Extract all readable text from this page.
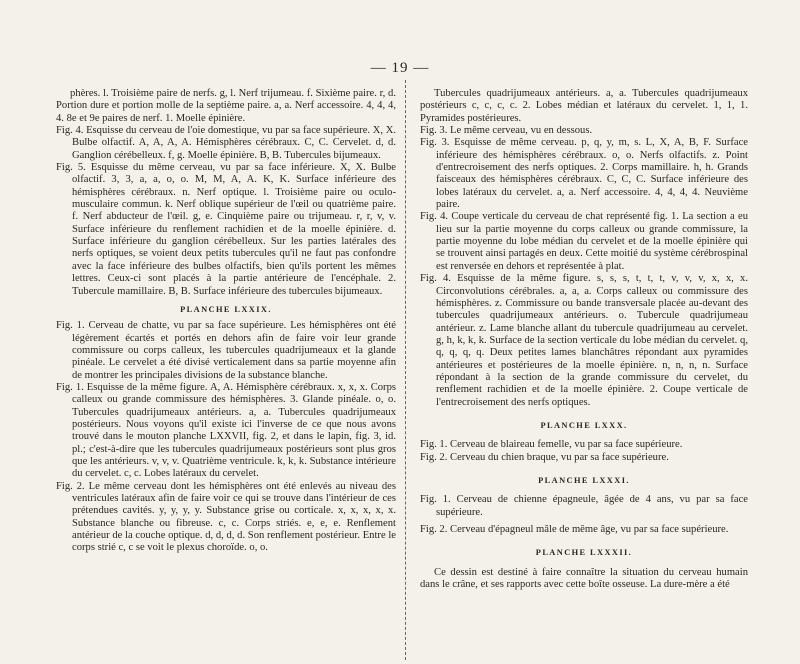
— 19 —

phères. l. Troisième paire de nerfs. g, l. Nerf trijumeau. f. Sixième paire. r, d. Portion dure et portion molle de la septième paire. a, a. Nerf accessoire. 4, 4, 4, 4. 8e et 9e paires de nerf. 1. Moelle épinière.

Fig. 4. Esquisse du cerveau de l'oie domestique, vu par sa face supérieure. X, X. Bulbe olfactif. A, A, A, A. Hémisphères cérébraux. C, C. Cervelet. d, d. Ganglion cérébelleux. f, g. Moelle épinière. B, B. Tubercules bijumeaux.

Fig. 5. Esquisse du même cerveau, vu par sa face inférieure. X, X. Bulbe olfactif. 3, 3, a, a, o, o. M, M, A, A. K, K. Surface inférieure des hémisphères cérébraux. n. Nerf optique. l. Troisième paire ou oculo-musculaire commun. k. Nerf oblique supérieur de l'œil ou quatrième paire. f. Nerf abducteur de l'œil. g, e. Cinquième paire ou trijumeau. r, r, v, v. Surface inférieure du renflement rachidien et de la moelle épinière. d. Surface inférieure du ganglion cérébelleux. Sur les parties latérales des nerfs optiques, se voient deux petits tubercules qu'il ne faut pas confondre avec la face inférieure des bulbes olfactifs, bien qu'ils portent les mêmes lettres. Ceux-ci sont placés à la partie antérieure de l'encéphale. 2. Tubercule mamillaire. B, B. Surface inférieure des tubercules bijumeaux.

PLANCHE LXXIX.

Fig. 1. Cerveau de chatte, vu par sa face supérieure. Les hémisphères ont été légèrement écartés et portés en dehors afin de faire voir leur grande commissure ou corps calleux, les tubercules quadrijumeaux et la glande pinéale. Le cervelet a été divisé verticalement dans sa partie moyenne afin de montrer les principales divisions de la substance blanche.

Fig. 1. Esquisse de la même figure. A, A. Hémisphère cérébraux. x, x, x. Corps calleux ou grande commissure des hémisphères. 3. Glande pinéale. o, o. Tubercules quadrijumeaux antérieurs. a, a. Tubercules quadrijumeaux postérieurs. Nous voyons qu'il existe ici l'inverse de ce que nous avons trouvé dans le mouton planche LXXVII, fig. 2, et dans le lapin, fig. 3, id. pl.; c'est-à-dire que les tubercules quadrijumeaux postérieurs sont plus gros que les antérieurs. v, v, v. Quatrième ventricule. k, k, k. Substance intérieure du cervelet. c, c. Lobes latéraux du cervelet.

Fig. 2. Le même cerveau dont les hémisphères ont été enlevés au niveau des ventricules latéraux afin de faire voir ce qui se trouve dans l'intérieur de ces prétendues cavités. y, y, y, y. Substance grise ou corticale. x, x, x, x, x. Substance blanche ou fibreuse. c, c. Corps striés. e, e, e. Renflement antérieur de la couche optique. d, d, d, d. Son renflement postérieur. Entre le corps strié c, c se voit le plexus choroïde. o, o.

Tubercules quadrijumeaux antérieurs. a, a. Tubercules quadrijumeaux postérieurs c, c, c, c. 2. Lobes médian et latéraux du cervelet. 1, 1, 1. Pyramides postérieures.

Fig. 3. Le même cerveau, vu en dessous.

Fig. 3. Esquisse de même cerveau. p, q, y, m, s. L, X, A, B, F. Surface inférieure des hémisphères cérébraux. o, o. Nerfs olfactifs. z. Point d'entrecroisement des nerfs optiques. 2. Corps mamillaire. h, h. Grands faisceaux des hémisphères cérébraux. C, C, C. Surface inférieure des lobes latéraux du cervelet. a, a. Nerf accessoire. 4, 4, 4, 4. Neuvième paire.

Fig. 4. Coupe verticale du cerveau de chat représenté fig. 1. La section a eu lieu sur la partie moyenne du corps calleux ou grande commissure, la partie moyenne du lobe médian du cervelet et de la moelle épinière qui se trouvent ainsi partagés en deux. Cette moitié du système cérébrospinal est renversée en dehors et représentée à plat.

Fig. 4. Esquisse de la même figure. s, s, s, t, t, t, v, v, v, x, x, x. Circonvolutions cérébrales. a, a, a. Corps calleux ou commissure des hémisphères. z. Commissure ou bande transversale placée au-devant des tubercules quadrijumeaux antérieurs. o. Tubercule quadrijumeau antérieur. z. Lame blanche allant du tubercule quadrijumeau au cervelet. g, h, k, k, k. Surface de la section verticale du lobe médian du cervelet. q, q, q, q, q. Deux petites lames blanchâtres répondant aux pyramides antérieures et postérieures de la moelle épinière. n, n, n, n. Surface répondant à la section de la grande commissure du cervelet, du renflement rachidien et de la moelle épinière. 2. Coupe verticale de l'entrecroisement des nerfs optiques.

PLANCHE LXXX.

Fig. 1. Cerveau de blaireau femelle, vu par sa face supérieure.

Fig. 2. Cerveau du chien braque, vu par sa face supérieure.

PLANCHE LXXXI.

Fig. 1. Cerveau de chienne épagneule, âgée de 4 ans, vu par sa face supérieure.

Fig. 2. Cerveau d'épagneul mâle de même âge, vu par sa face supérieure.

PLANCHE LXXXII.

Ce dessin est destiné à faire connaître la situation du cerveau humain dans le crâne, et ses rapports avec cette boîte osseuse. La dure-mère a été
